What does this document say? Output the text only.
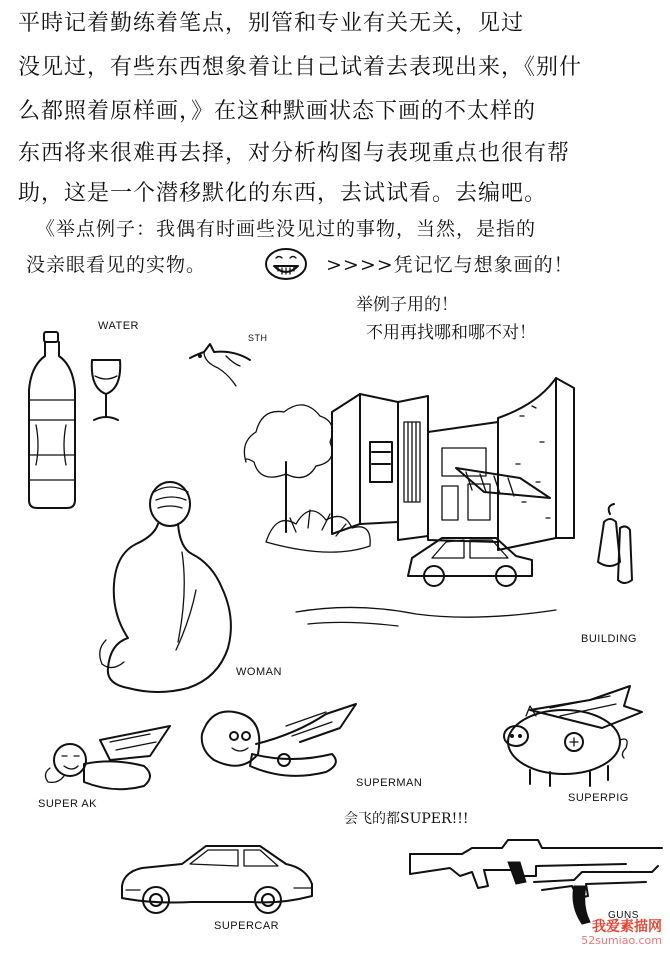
平時记着勤练着笔点，别管和专业有关无关，见过
没见过，有些东西想象着让自己试着去表现出来，《别什
么都照着原样画，》在这种默画状态下画的不太样的
东西将来很难再去择，对分析构图与表现重点也很有帮
助，这是一个潜移默化的东西，去试试看。去编吧。
《举点例子：我偶有时画些没见过的事物，当然，是指的
没亲眼看见的实物。	>>>>凭记忆与想象画的！
举例子用的！
不用再找哪和哪不对！
WATER
STH
BUILDING
WOMAN
SUPER AK
SUPERMAN
SUPERPIG
会飞的都SUPER!!!
SUPERCAR
GUNS
我爱素描网
52sumiao.com
